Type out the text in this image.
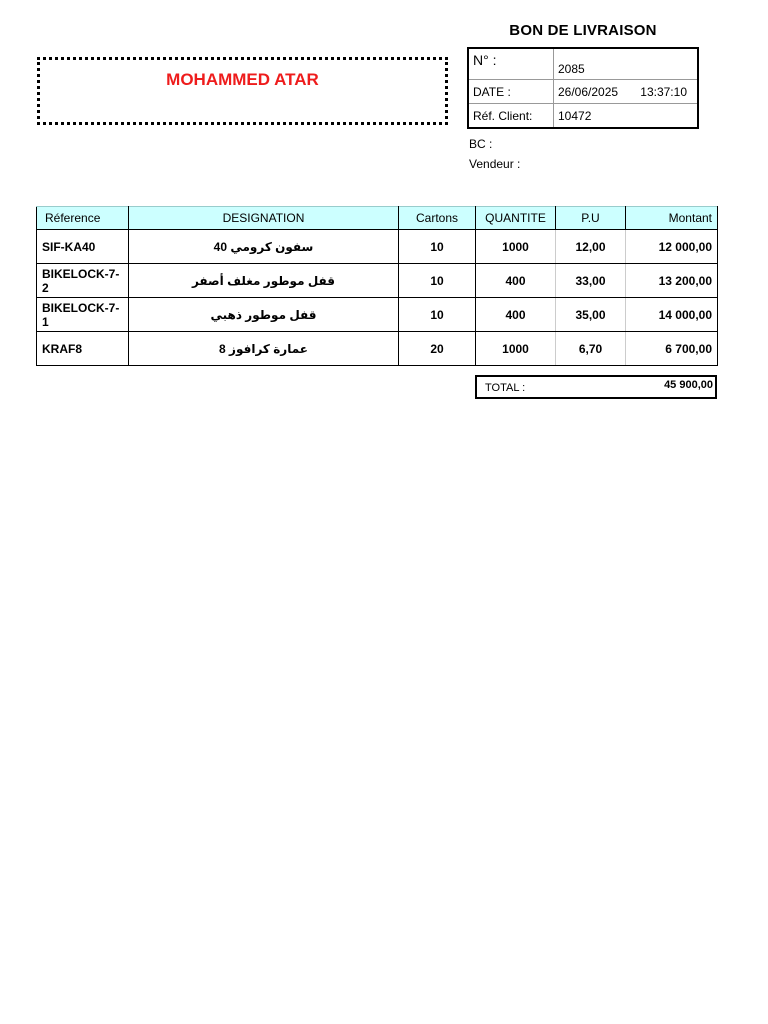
BON DE LIVRAISON
MOHAMMED ATAR
N° :	2085
DATE :	26/06/2025 13:37:10

Réf. Client:	10472
BC :
Vendeur :
Réference	DESIGNATION	Cartons	QUANTITE	P.U	Montant
SIF-KA40	سفون كرومي 40	10	1000	12,00	12 000,00
BIKELOCK-7-2	قفل موطور مغلف أصفر	10	400	33,00	13 200,00
BIKELOCK-7-1	قفل موطور ذهبي	10	400	35,00	14 000,00
KRAF8	عمارة كرافوز 8	20	1000	6,70	6 700,00
TOTAL :	45 900,00
